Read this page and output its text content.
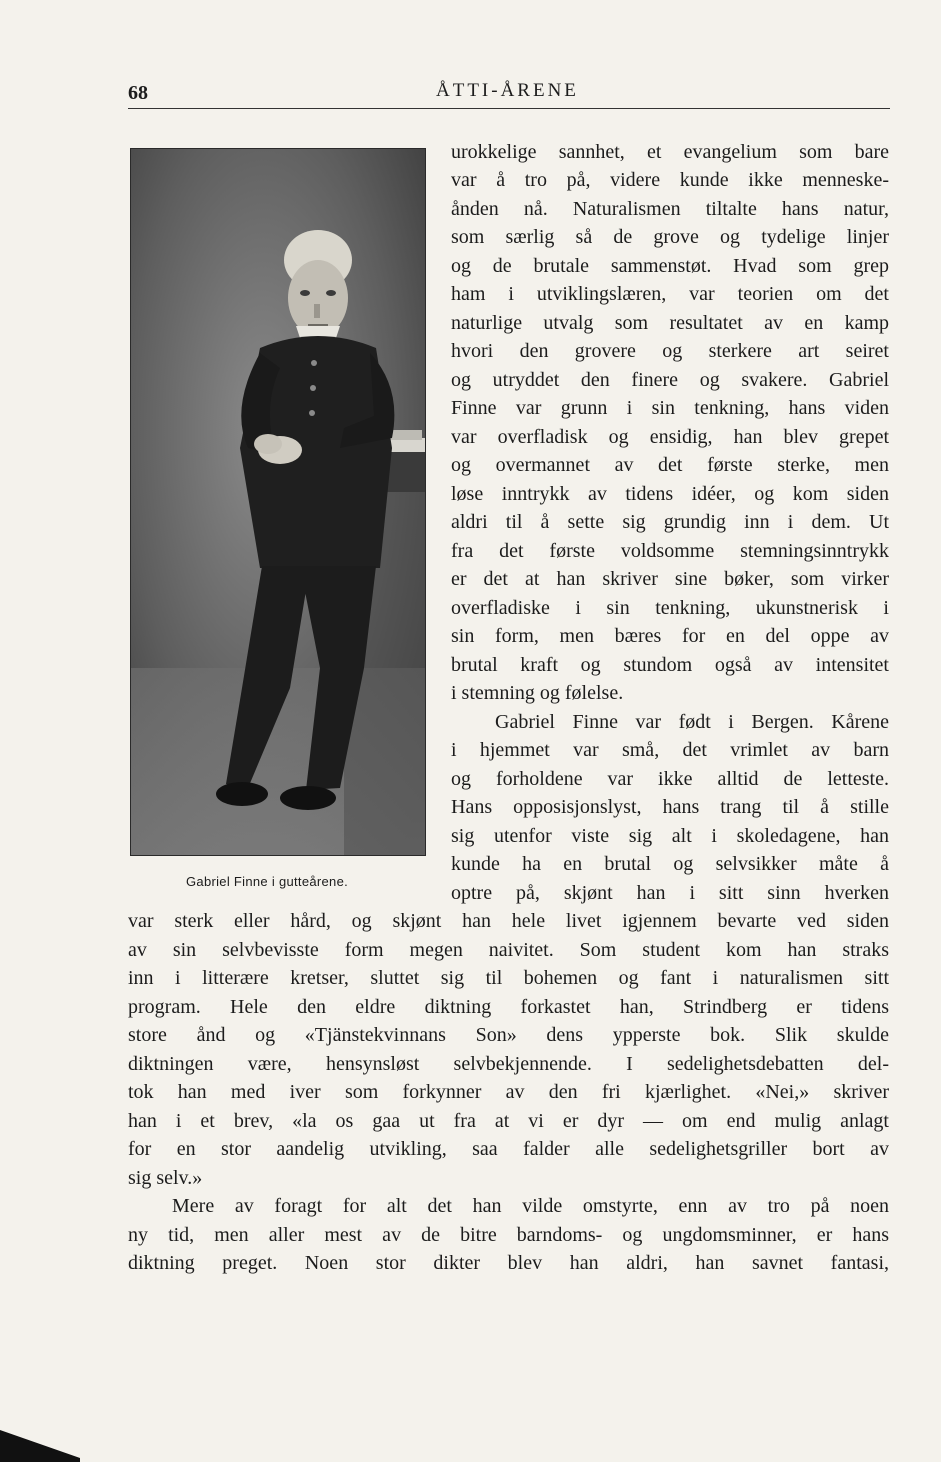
68	ÅTTI-ÅRENE
Gabriel Finne i gutteårene.
urokkelige sannhet, et evangelium som bare
var å tro på, videre kunde ikke menneske-
ånden nå. Naturalismen tiltalte hans natur,
som særlig så de grove og tydelige linjer
og de brutale sammenstøt. Hvad som grep
ham i utviklingslæren, var teorien om det
naturlige utvalg som resultatet av en kamp
hvori den grovere og sterkere art seiret
og utryddet den finere og svakere. Gabriel
Finne var grunn i sin tenkning, hans viden
var overfladisk og ensidig, han blev grepet
og overmannet av det første sterke, men
løse inntrykk av tidens idéer, og kom siden
aldri til å sette sig grundig inn i dem. Ut
fra det første voldsomme stemningsinntrykk
er det at han skriver sine bøker, som virker
overfladiske i sin tenkning, ukunstnerisk i
sin form, men bæres for en del oppe av
brutal kraft og stundom også av intensitet
i stemning og følelse.
Gabriel Finne var født i Bergen. Kårene
i hjemmet var små, det vrimlet av barn
og forholdene var ikke alltid de letteste.
Hans opposisjonslyst, hans trang til å stille
sig utenfor viste sig alt i skoledagene, han
kunde ha en brutal og selvsikker måte å
optre på, skjønt han i sitt sinn hverken
var sterk eller hård, og skjønt han hele livet igjennem bevarte ved siden
av sin selvbevisste form megen naivitet. Som student kom han straks
inn i litterære kretser, sluttet sig til bohemen og fant i naturalismen sitt
program. Hele den eldre diktning forkastet han, Strindberg er tidens
store ånd og «Tjänstekvinnans Son» dens ypperste bok. Slik skulde
diktningen være, hensynsløst selvbekjennende. I sedelighetsdebatten del-
tok han med iver som forkynner av den fri kjærlighet. «Nei,» skriver
han i et brev, «la os gaa ut fra at vi er dyr — om end mulig anlagt
for en stor aandelig utvikling, saa falder alle sedelighetsgriller bort av
sig selv.»
Mere av foragt for alt det han vilde omstyrte, enn av tro på noen
ny tid, men aller mest av de bitre barndoms- og ungdomsminner, er hans
diktning preget. Noen stor dikter blev han aldri, han savnet fantasi,
